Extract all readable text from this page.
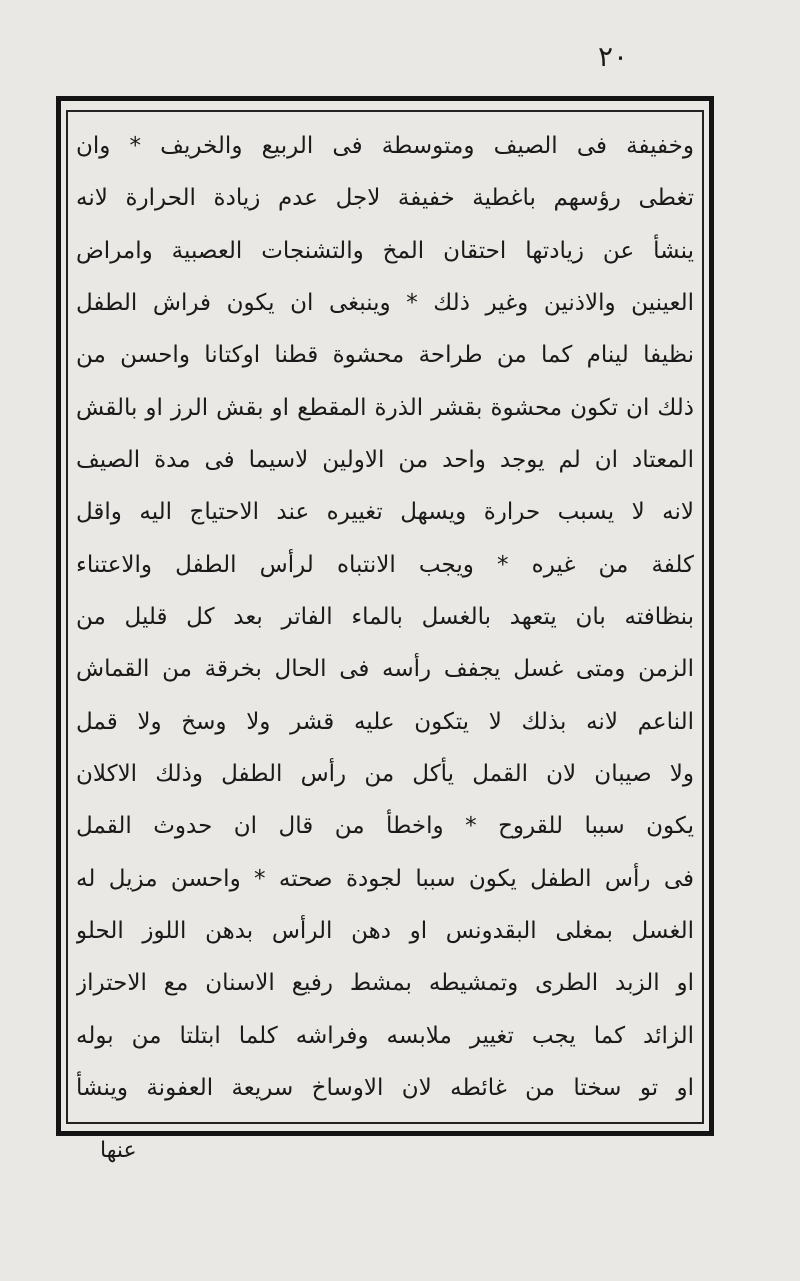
٢٠
وخفيفة فى الصيف ومتوسطة فى الربيع والخريف * وان
تغطى رؤسهم باغطية خفيفة لاجل عدم زيادة الحرارة لانه
ينشأ عن زيادتها احتقان المخ والتشنجات العصبية وامراض
العينين والاذنين وغير ذلك * وينبغى ان يكون فراش الطفل
نظيفا لينام كما من طراحة محشوة قطنا اوكتانا واحسن من
ذلك ان تكون محشوة بقشر الذرة المقطع او بقش الرز او بالقش
المعتاد ان لم يوجد واحد من الاولين لاسيما فى مدة الصيف
لانه لا يسبب حرارة ويسهل تغييره عند الاحتياج اليه واقل
كلفة من غيره * ويجب الانتباه لرأس الطفل والاعتناء
بنظافته بان يتعهد بالغسل بالماء الفاتر بعد كل قليل من
الزمن ومتى غسل يجفف رأسه فى الحال بخرقة من القماش
الناعم لانه بذلك لا يتكون عليه قشر ولا وسخ ولا قمل
ولا صيبان لان القمل يأكل من رأس الطفل وذلك الاكلان
يكون سببا للقروح * واخطأ من قال ان حدوث القمل
فى رأس الطفل يكون سببا لجودة صحته * واحسن مزيل له
الغسل بمغلى البقدونس او دهن الرأس بدهن اللوز الحلو
او الزبد الطرى وتمشيطه بمشط رفيع الاسنان مع الاحتراز
الزائد كما يجب تغيير ملابسه وفراشه كلما ابتلتا من بوله
او تو سختا من غائطه لان الاوساخ سريعة العفونة وينشأ
عنها
